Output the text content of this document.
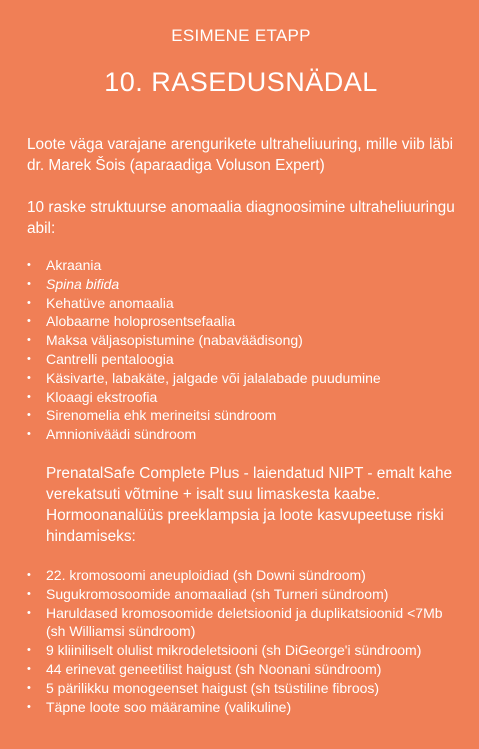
ESIMENE ETAPP
10. RASEDUSNÄDAL
Loote väga varajane arengurikete ultraheliuuring, mille viib läbi dr. Marek Šois (aparaadiga Voluson Expert)
10 raske struktuurse anomaalia diagnoosimine ultraheliuuringu abil:
• Akraania
• Spina bifida
• Kehatüve anomaalia
• Alobaarne holoprosentsefaalia
• Maksa väljasopistumine (nabaväädisong)
• Cantrelli pentaloogia
• Käsivarte, labakäte, jalgade või jalalabade puudumine
• Kloaagi ekstroofia
• Sirenomelia ehk merineitsi sündroom
• Amnioniväädi sündroom
PrenatalSafe Complete Plus - laiendatud NIPT - emalt kahe verekatsuti võtmine + isalt suu limaskesta kaabe. Hormoonanalüüs preeklampsia ja loote kasvupeetuse riski hindamiseks:
• 22. kromosoomi aneuploidiad (sh Downi sündroom)
• Sugukromosoomide anomaaliad (sh Turneri sündroom)
• Haruldased kromosoomide deletsioonid ja duplikatsioonid <7Mb (sh Williamsi sündroom)
• 9 kliiniliselt olulist mikrodeletsiooni (sh DiGeorge'i sündroom)
• 44 erinevat geneetilist haigust (sh Noonani sündroom)
• 5 pärilikku monogeenset haigust (sh tsüstiline fibroos)
• Täpne loote soo määramine (valikuline)
